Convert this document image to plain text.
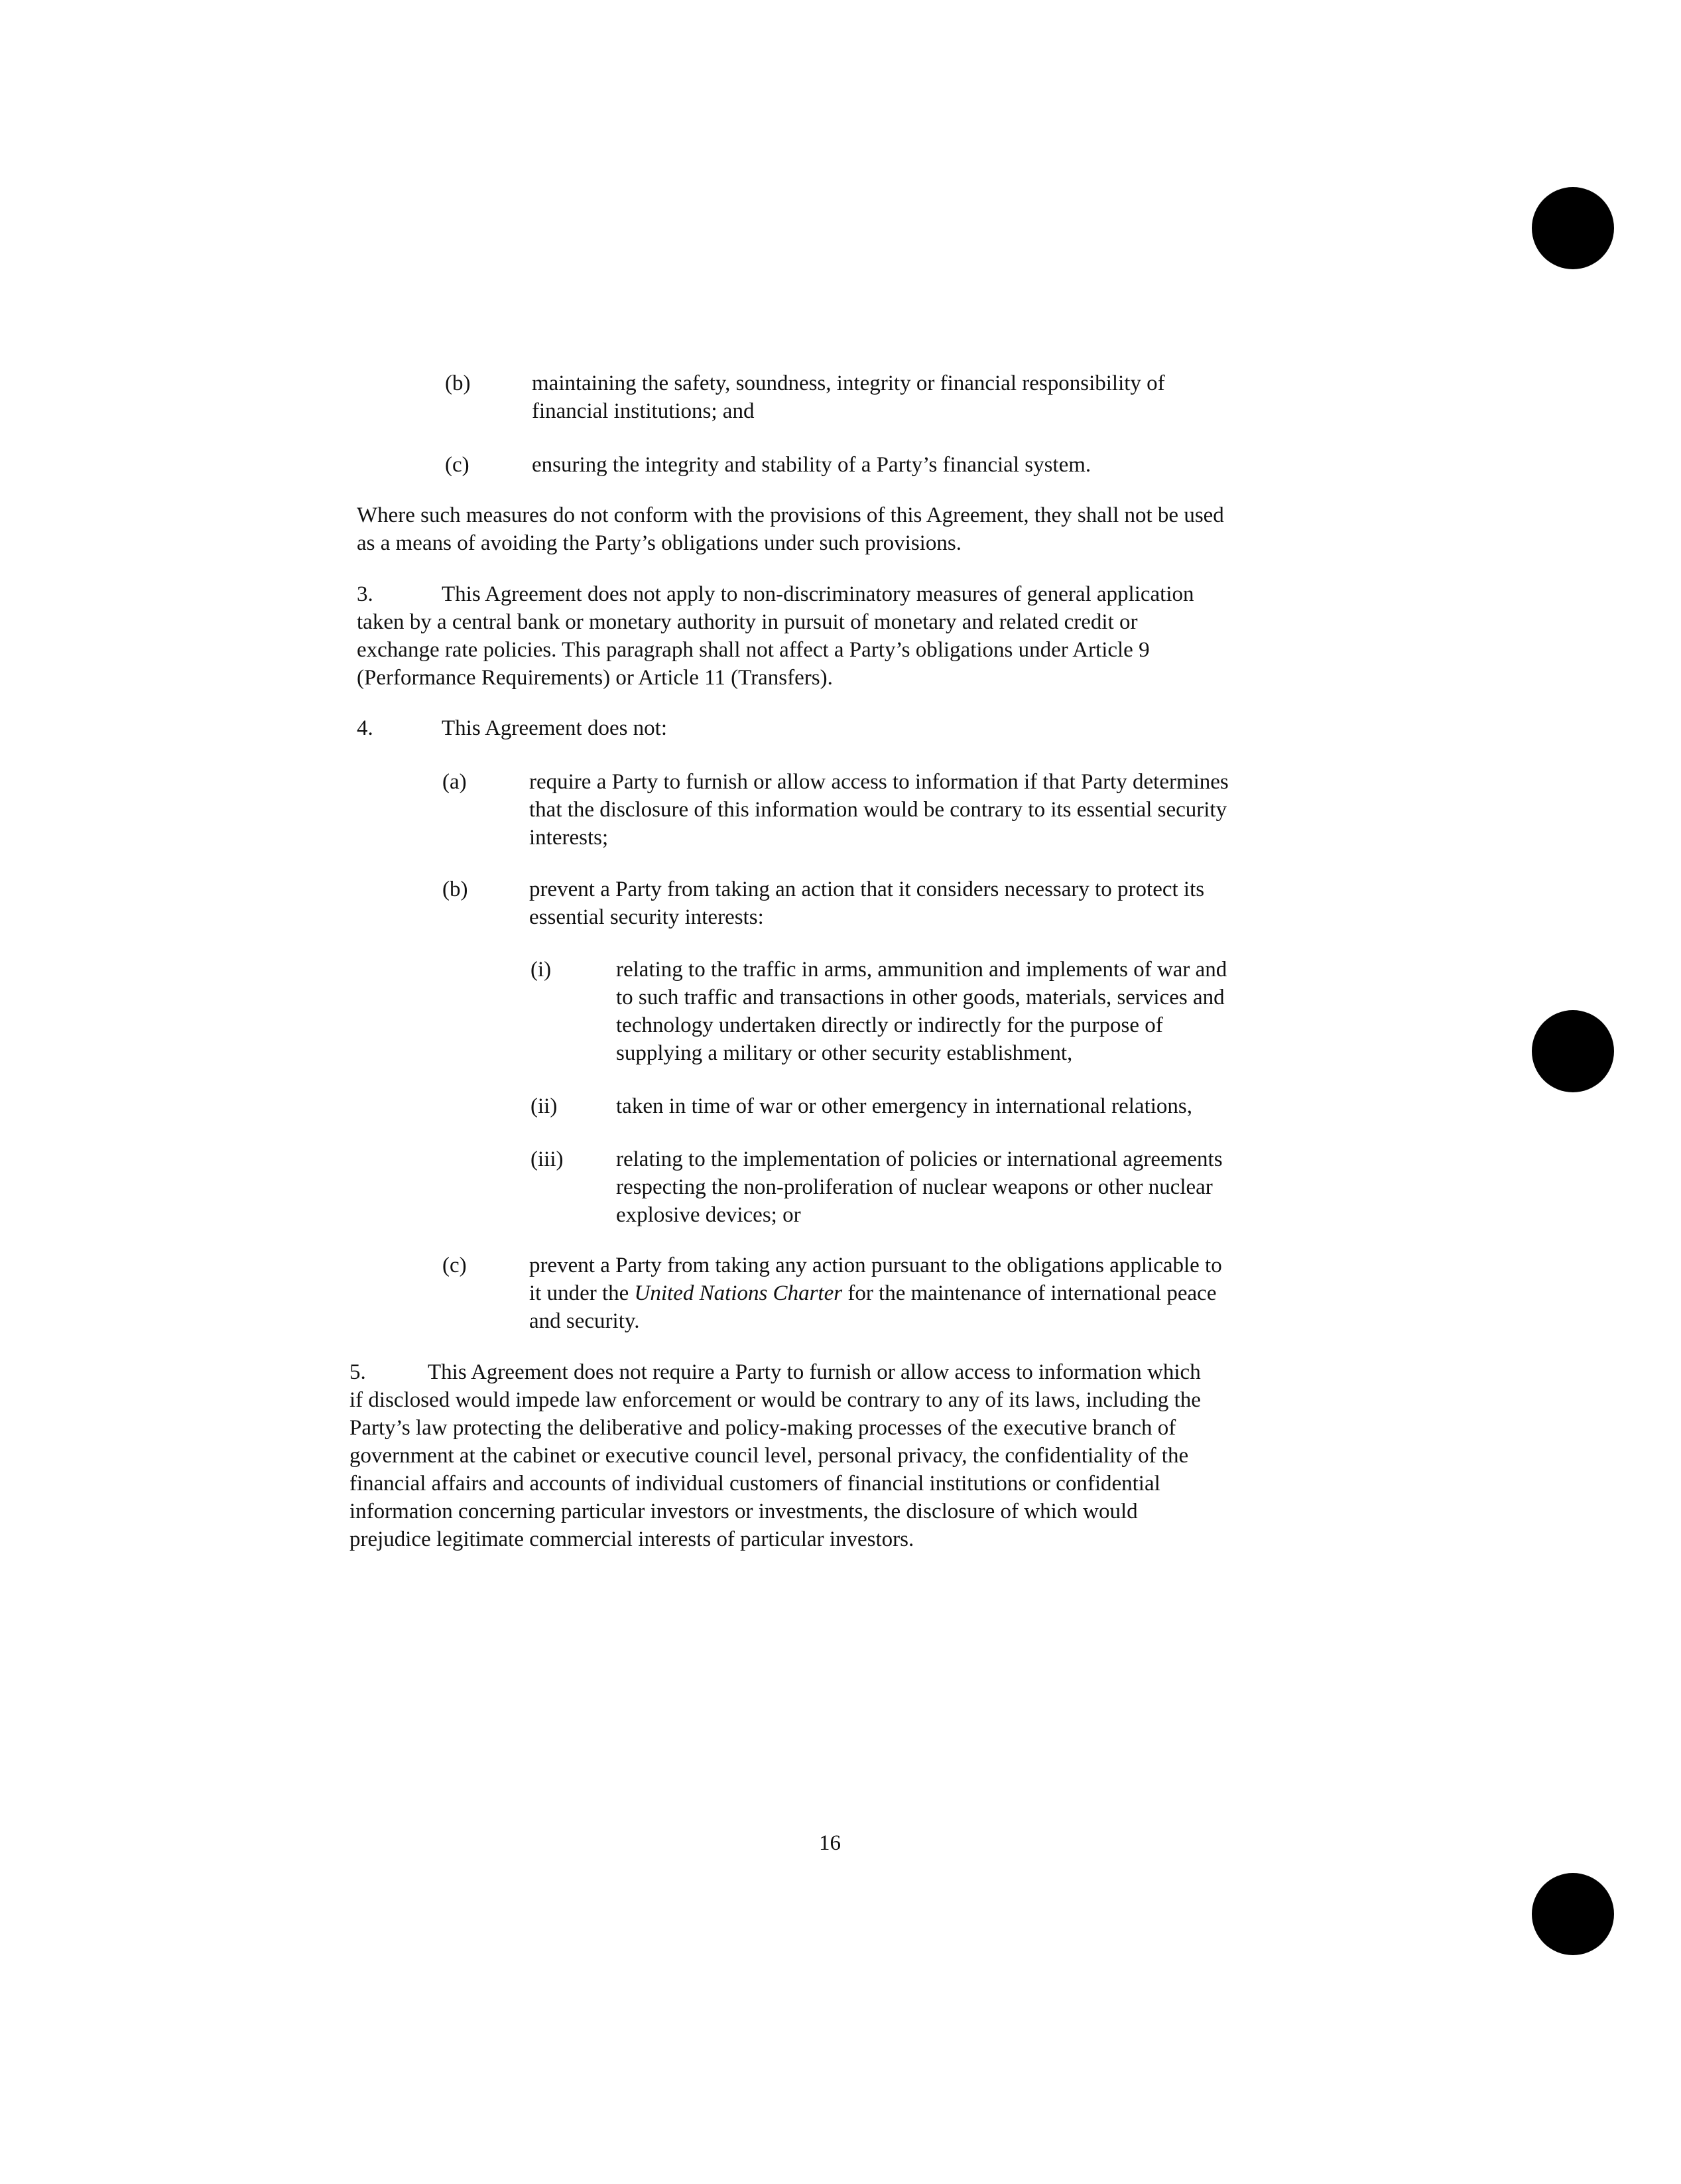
(b)	maintaining the safety, soundness, integrity or financial responsibility of
financial institutions; and
(c)	ensuring the integrity and stability of a Party’s financial system.
Where such measures do not conform with the provisions of this Agreement, they shall not be used
as a means of avoiding the Party’s obligations under such provisions.
3.	This Agreement does not apply to non-discriminatory measures of general application
taken by a central bank or monetary authority in pursuit of monetary and related credit or
exchange rate policies. This paragraph shall not affect a Party’s obligations under Article 9
(Performance Requirements) or Article 11 (Transfers).
4.	This Agreement does not:
(a)	require a Party to furnish or allow access to information if that Party determines
that the disclosure of this information would be contrary to its essential security
interests;
(b)	prevent a Party from taking an action that it considers necessary to protect its
essential security interests:
(i)	relating to the traffic in arms, ammunition and implements of war and
to such traffic and transactions in other goods, materials, services and
technology undertaken directly or indirectly for the purpose of
supplying a military or other security establishment,
(ii)	taken in time of war or other emergency in international relations,
(iii) relating to the implementation of policies or international agreements
respecting the non-proliferation of nuclear weapons or other nuclear
explosive devices; or
(c)	prevent a Party from taking any action pursuant to the obligations applicable to
it under the United Nations Charter for the maintenance of international peace
and security.
5.	This Agreement does not require a Party to furnish or allow access to information which
if disclosed would impede law enforcement or would be contrary to any of its laws, including the
Party’s law protecting the deliberative and policy-making processes of the executive branch of
government at the cabinet or executive council level, personal privacy, the confidentiality of the
financial affairs and accounts of individual customers of financial institutions or confidential
information concerning particular investors or investments, the disclosure of which would
prejudice legitimate commercial interests of particular investors.
16
